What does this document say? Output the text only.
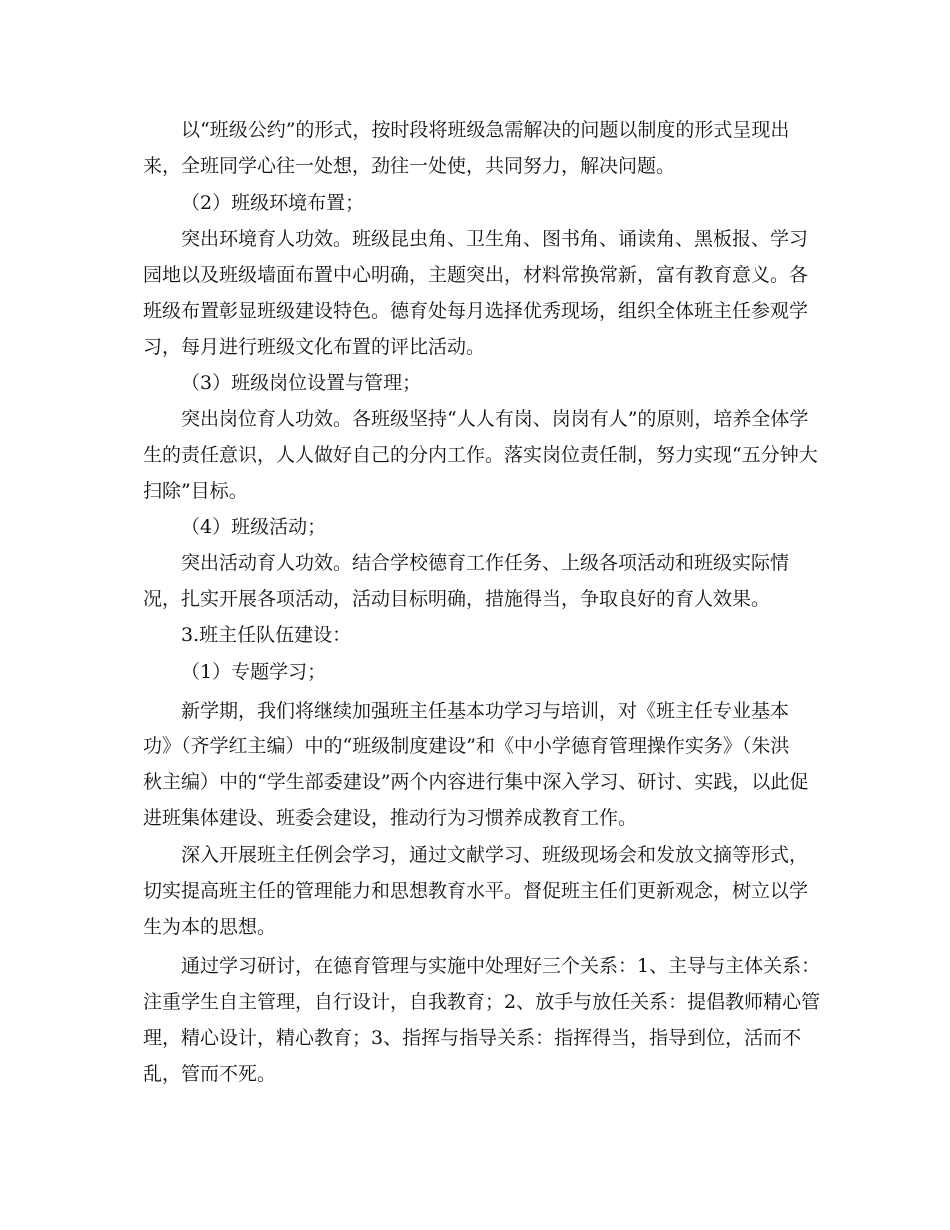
以“班级公约”的形式，按时段将班级急需解决的问题以制度的形式呈现出
来，全班同学心往一处想，劲往一处使，共同努力，解决问题。
（2）班级环境布置；
突出环境育人功效。班级昆虫角、卫生角、图书角、诵读角、黑板报、学习
园地以及班级墙面布置中心明确，主题突出，材料常换常新，富有教育意义。各
班级布置彰显班级建设特色。德育处每月选择优秀现场，组织全体班主任参观学
习，每月进行班级文化布置的评比活动。
（3）班级岗位设置与管理；
突出岗位育人功效。各班级坚持“人人有岗、岗岗有人”的原则，培养全体学
生的责任意识，人人做好自己的分内工作。落实岗位责任制，努力实现“五分钟大
扫除”目标。
（4）班级活动；
突出活动育人功效。结合学校德育工作任务、上级各项活动和班级实际情
况，扎实开展各项活动，活动目标明确，措施得当，争取良好的育人效果。
3.班主任队伍建设：
（1）专题学习；
新学期，我们将继续加强班主任基本功学习与培训，对《班主任专业基本
功》（齐学红主编）中的“班级制度建设”和《中小学德育管理操作实务》（朱洪
秋主编）中的“学生部委建设”两个内容进行集中深入学习、研讨、实践，以此促
进班集体建设、班委会建设，推动行为习惯养成教育工作。
深入开展班主任例会学习，通过文献学习、班级现场会和发放文摘等形式，
切实提高班主任的管理能力和思想教育水平。督促班主任们更新观念，树立以学
生为本的思想。
通过学习研讨，在德育管理与实施中处理好三个关系：1、主导与主体关系：
注重学生自主管理，自行设计，自我教育；2、放手与放任关系：提倡教师精心管
理，精心设计，精心教育；3、指挥与指导关系：指挥得当，指导到位，活而不
乱，管而不死。
